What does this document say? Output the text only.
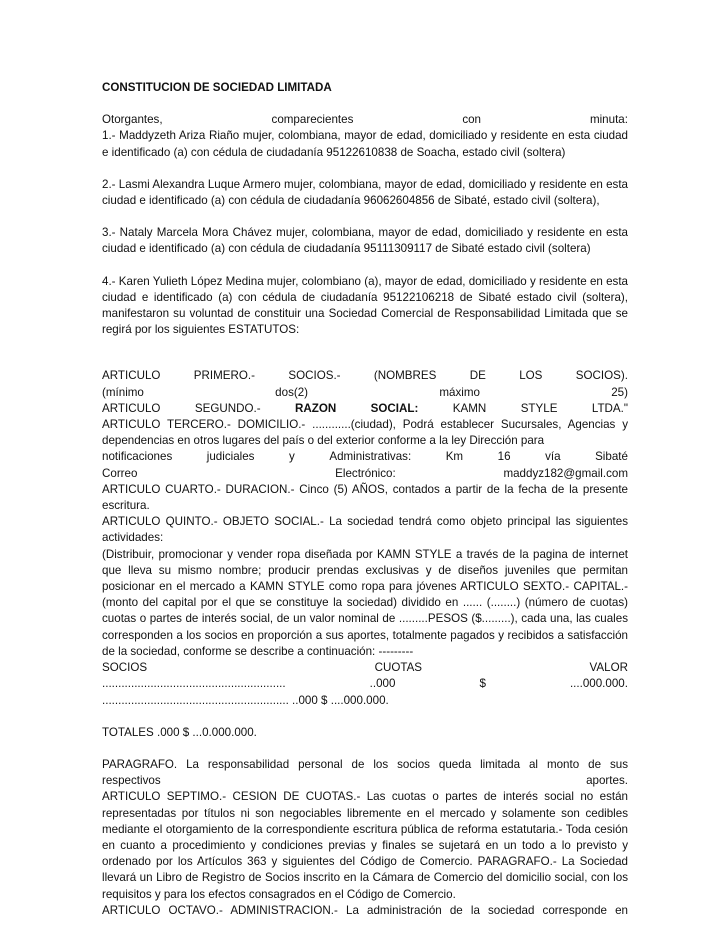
CONSTITUCION DE SOCIEDAD LIMITADA
Otorgantes,	comparecientes	con	minuta:

1.- Maddyzeth Ariza Riaño mujer, colombiana, mayor de edad, domiciliado y residente en esta ciudad e identificado (a) con cédula de ciudadanía 95122610838 de Soacha, estado civil (soltera)

2.- Lasmi Alexandra Luque Armero mujer, colombiana, mayor de edad, domiciliado y residente en esta ciudad e identificado (a) con cédula de ciudadanía 96062604856 de Sibaté, estado civil (soltera),

3.- Nataly Marcela Mora Chávez mujer, colombiana, mayor de edad, domiciliado y residente en esta ciudad e identificado (a) con cédula de ciudadanía 95111309117 de Sibaté estado civil (soltera)

4.- Karen Yulieth López Medina mujer, colombiano (a), mayor de edad, domiciliado y residente en esta ciudad e identificado (a) con cédula de ciudadanía 95122106218 de Sibaté estado civil (soltera), manifestaron su voluntad de constituir una Sociedad Comercial de Responsabilidad Limitada que se regirá por los siguientes ESTATUTOS:

ARTICULO	PRIMERO.-	SOCIOS.-	(NOMBRES	DE	LOS	SOCIOS).
(mínimo	dos(2)	máximo	25)
ARTICULO	SEGUNDO.-	RAZON	SOCIAL:	KAMN	STYLE	LTDA."
ARTICULO TERCERO.- DOMICILIO.- ............(ciudad), Podrá establecer Sucursales, Agencias y dependencias en otros lugares del país o del exterior conforme a la ley Dirección para
notificaciones	judiciales	y	Administrativas:	Km	16	vía	Sibaté
Correo	Electrónico:	maddyz182@gmail.com
ARTICULO CUARTO.- DURACION.- Cinco (5) AÑOS, contados a partir de la fecha de la presente escritura.
ARTICULO QUINTO.- OBJETO SOCIAL.- La sociedad tendrá como objeto principal las siguientes actividades:
(Distribuir, promocionar y vender ropa diseñada por KAMN STYLE a través de la pagina de internet que lleva su mismo nombre; producir prendas exclusivas y de diseños juveniles que permitan posicionar en el mercado a KAMN STYLE como ropa para jóvenes ARTICULO SEXTO.- CAPITAL.- (monto del capital por el que se constituye la sociedad) dividido en ...... (........) (número de cuotas) cuotas o partes de interés social, de un valor nominal de .........PESOS ($.........), cada una, las cuales corresponden a los socios en proporción a sus aportes, totalmente pagados y recibidos a satisfacción de la sociedad, conforme se describe a continuación: ---------
SOCIOS	CUOTAS	VALOR
.........................................................	..000	$	....000.000.
.......................................................... ..000 $ ....000.000.

TOTALES .000 $ ...0.000.000.

PARAGRAFO. La responsabilidad personal de los socios queda limitada al monto de sus
respectivos	aportes.
ARTICULO SEPTIMO.- CESION DE CUOTAS.- Las cuotas o partes de interés social no están representadas por títulos ni son negociables libremente en el mercado y solamente son cedibles mediante el otorgamiento de la correspondiente escritura pública de reforma estatutaria.- Toda cesión en cuanto a procedimiento y condiciones previas y finales se sujetará en un todo a lo previsto y ordenado por los Artículos 363 y siguientes del Código de Comercio. PARAGRAFO.- La Sociedad llevará un Libro de Registro de Socios inscrito en la Cámara de Comercio del domicilio social, con los requisitos y para los efectos consagrados en el Código de Comercio.
ARTICULO OCTAVO.- ADMINISTRACION.- La administración de la sociedad corresponde en
